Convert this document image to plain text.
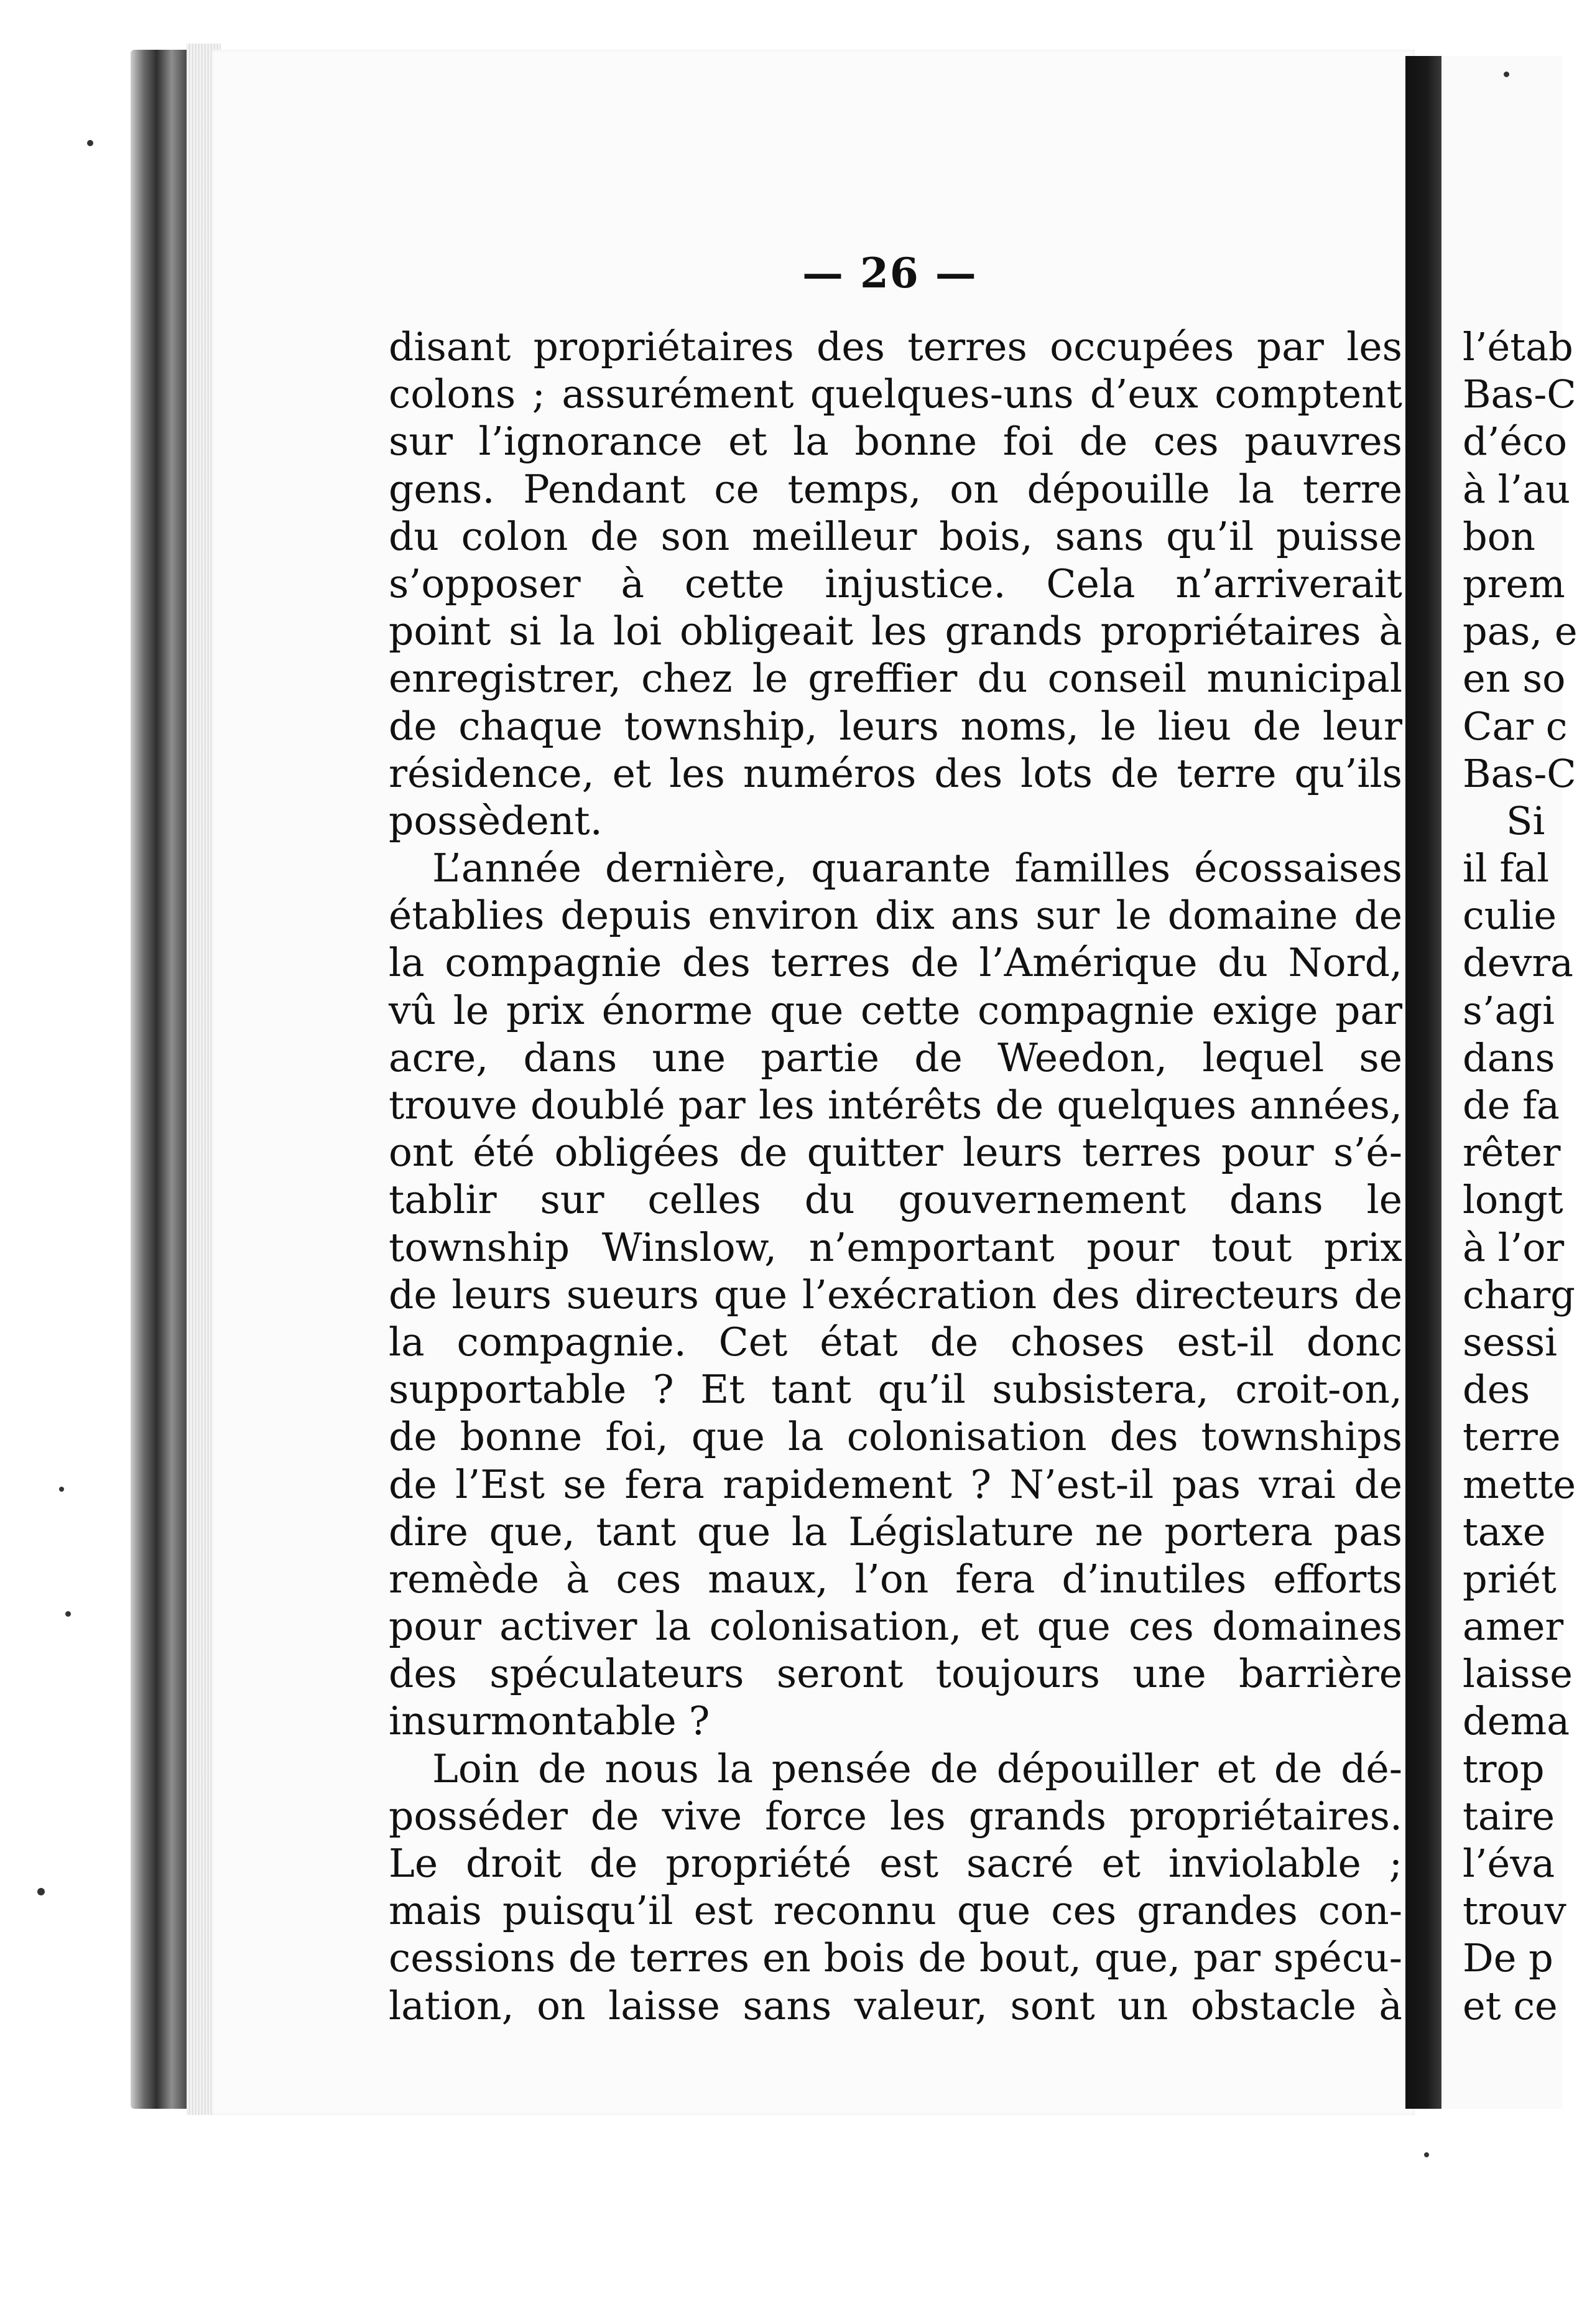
— 26 —
disant propriétaires des terres occupées par les
colons ; assurément quelques-uns d’eux comptent
sur l’ignorance et la bonne foi de ces pauvres
gens. Pendant ce temps, on dépouille la terre
du colon de son meilleur bois, sans qu’il puisse
s’opposer à cette injustice. Cela n’arriverait
point si la loi obligeait les grands propriétaires à
enregistrer, chez le greffier du conseil municipal
de chaque township, leurs noms, le lieu de leur
résidence, et les numéros des lots de terre qu’ils
possèdent.
L’année dernière, quarante familles écossaises
établies depuis environ dix ans sur le domaine de
la compagnie des terres de l’Amérique du Nord,
vû le prix énorme que cette compagnie exige par
acre, dans une partie de Weedon, lequel se
trouve doublé par les intérêts de quelques années,
ont été obligées de quitter leurs terres pour s’é-
tablir sur celles du gouvernement dans le
township Winslow, n’emportant pour tout prix
de leurs sueurs que l’exécration des directeurs de
la compagnie. Cet état de choses est-il donc
supportable ? Et tant qu’il subsistera, croit-on,
de bonne foi, que la colonisation des townships
de l’Est se fera rapidement ? N’est-il pas vrai de
dire que, tant que la Législature ne portera pas
remède à ces maux, l’on fera d’inutiles efforts
pour activer la colonisation, et que ces domaines
des spéculateurs seront toujours une barrière
insurmontable ?
Loin de nous la pensée de dépouiller et de dé-
posséder de vive force les grands propriétaires.
Le droit de propriété est sacré et inviolable ;
mais puisqu’il est reconnu que ces grandes con-
cessions de terres en bois de bout, que, par spécu-
lation, on laisse sans valeur, sont un obstacle à
l’étab
Bas-C
d’éco
à l’au
bon
prem
pas, e
en so
Car c
Bas-C
Si
il fal
culie
devra
s’agi
dans
de fa
rêter
longt
à l’or
charg
sessi
des
terre
mette
taxe
priét
amer
laisse
dema
trop
taire
l’éva
trouv
De p
et ce
